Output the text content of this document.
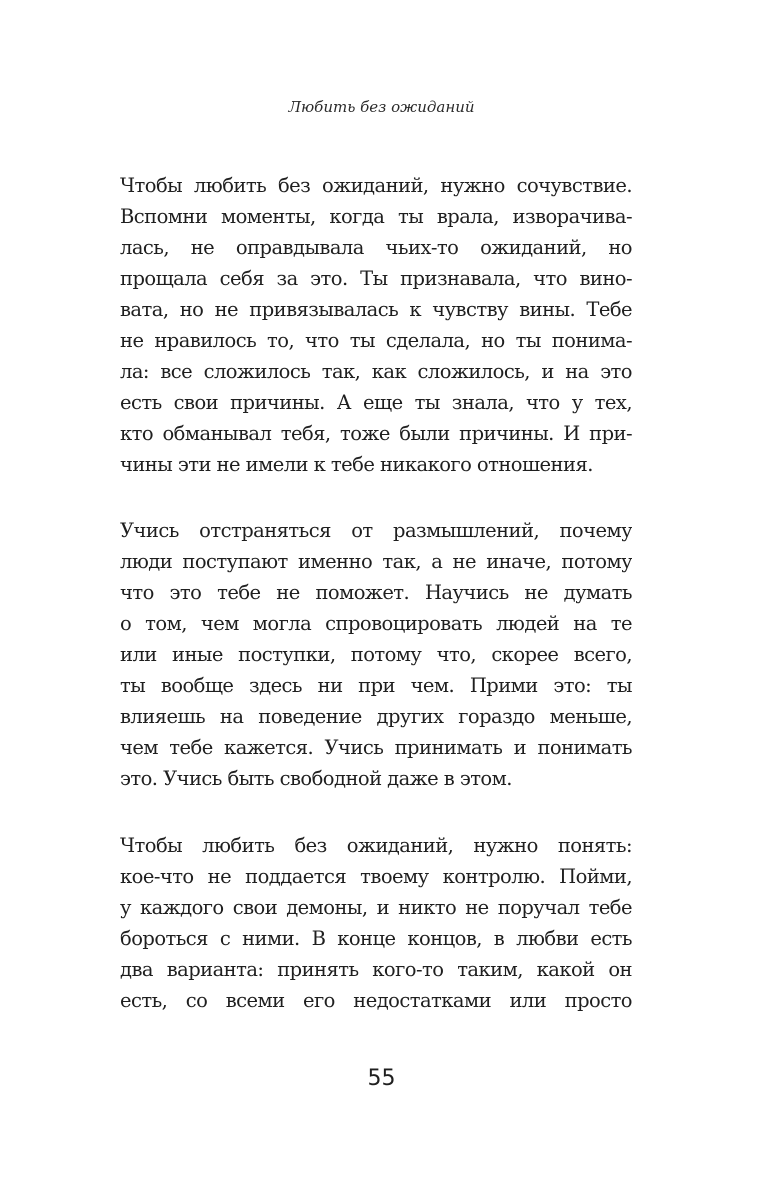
Любить без ожиданий
Чтобы любить без ожиданий, нужно сочувствие.
Вспомни моменты, когда ты врала, изворачива-
лась, не оправдывала чьих-то ожиданий, но
прощала себя за это. Ты признавала, что вино-
вата, но не привязывалась к чувству вины. Тебе
не нравилось то, что ты сделала, но ты понима-
ла: все сложилось так, как сложилось, и на это
есть свои причины. А еще ты знала, что у тех,
кто обманывал тебя, тоже были причины. И при-
чины эти не имели к тебе никакого отношения.
Учись отстраняться от размышлений, почему
люди поступают именно так, а не иначе, потому
что это тебе не поможет. Научись не думать
о том, чем могла спровоцировать людей на те
или иные поступки, потому что, скорее всего,
ты вообще здесь ни при чем. Прими это: ты
влияешь на поведение других гораздо меньше,
чем тебе кажется. Учись принимать и понимать
это. Учись быть свободной даже в этом.
Чтобы любить без ожиданий, нужно понять:
кое-что не поддается твоему контролю. Пойми,
у каждого свои демоны, и никто не поручал тебе
бороться с ними. В конце концов, в любви есть
два варианта: принять кого-то таким, какой он
есть, со всеми его недостатками или просто
55
